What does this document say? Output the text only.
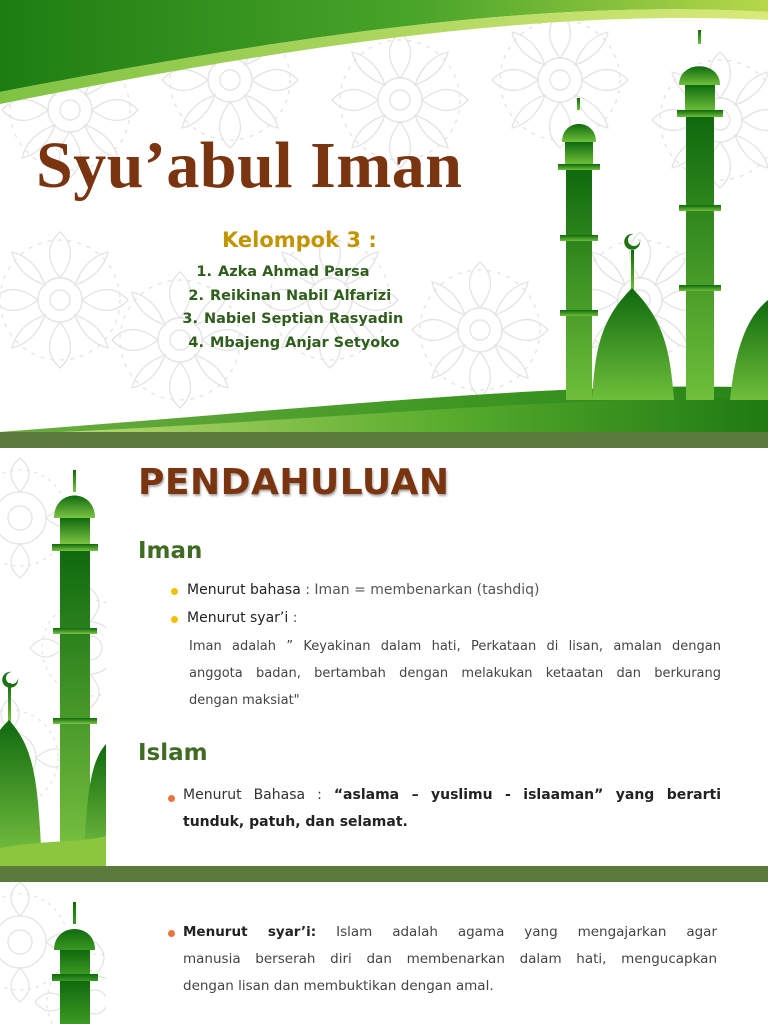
Syu’abul Iman
Kelompok 3 :
1. Azka Ahmad Parsa
2. Reikinan Nabil Alfarizi
3. Nabiel Septian Rasyadin
4. Mbajeng Anjar Setyoko
PENDAHULUAN
Iman
Menurut bahasa : Iman = membenarkan (tashdiq)
Menurut syar’i :
Iman adalah ” Keyakinan dalam hati, Perkataan di lisan, amalan dengan
anggota badan, bertambah dengan melakukan ketaatan dan berkurang
dengan maksiat"
Islam
Menurut Bahasa : “aslama – yuslimu - islaaman” yang berarti
tunduk, patuh, dan selamat.
Menurut syar’i: Islam adalah agama yang mengajarkan agar
manusia berserah diri dan membenarkan dalam hati, mengucapkan
dengan lisan dan membuktikan dengan amal.
